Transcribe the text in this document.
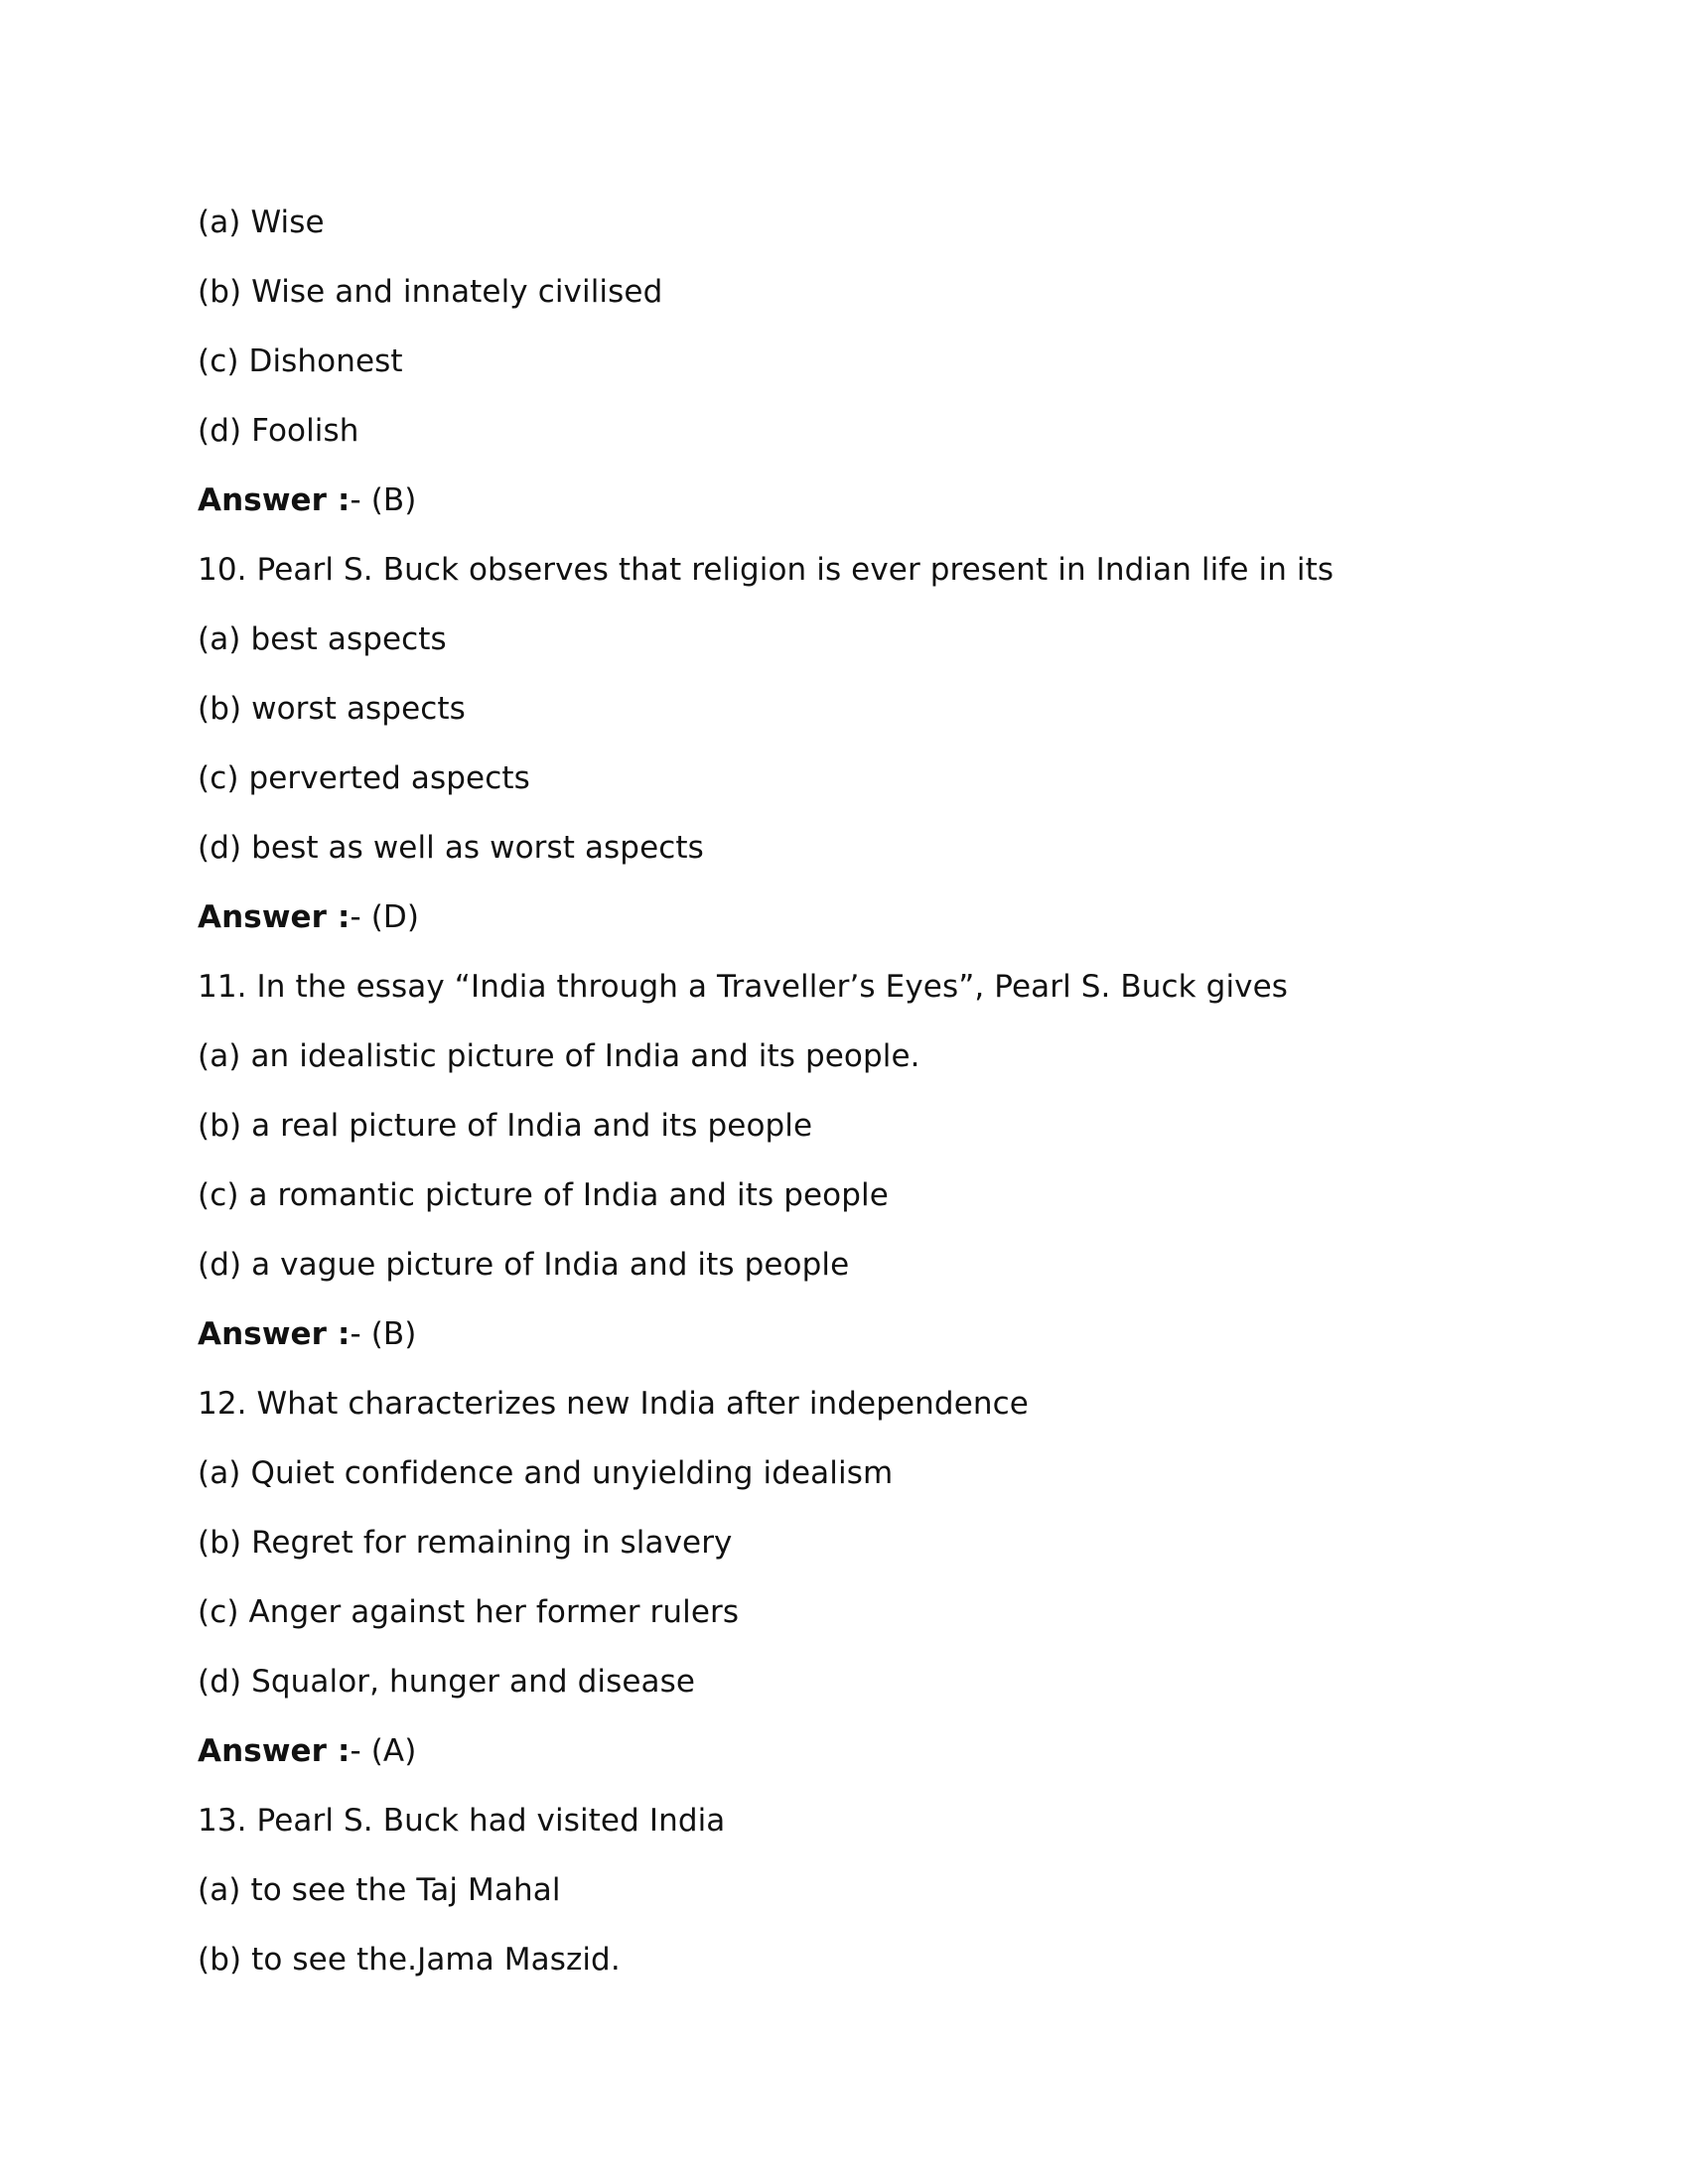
(a) Wise
(b) Wise and innately civilised
(c) Dishonest
(d) Foolish
Answer :- (B)
10. Pearl S. Buck observes that religion is ever present in Indian life in its
(a) best aspects
(b) worst aspects
(c) perverted aspects
(d) best as well as worst aspects
Answer :- (D)
11. In the essay “India through a Traveller’s Eyes”, Pearl S. Buck gives
(a) an idealistic picture of India and its people.
(b) a real picture of India and its people
(c) a romantic picture of India and its people
(d) a vague picture of India and its people
Answer :- (B)
12. What characterizes new India after independence
(a) Quiet confidence and unyielding idealism
(b) Regret for remaining in slavery
(c) Anger against her former rulers
(d) Squalor, hunger and disease
Answer :- (A)
13. Pearl S. Buck had visited India
(a) to see the Taj Mahal
(b) to see the.Jama Maszid.
